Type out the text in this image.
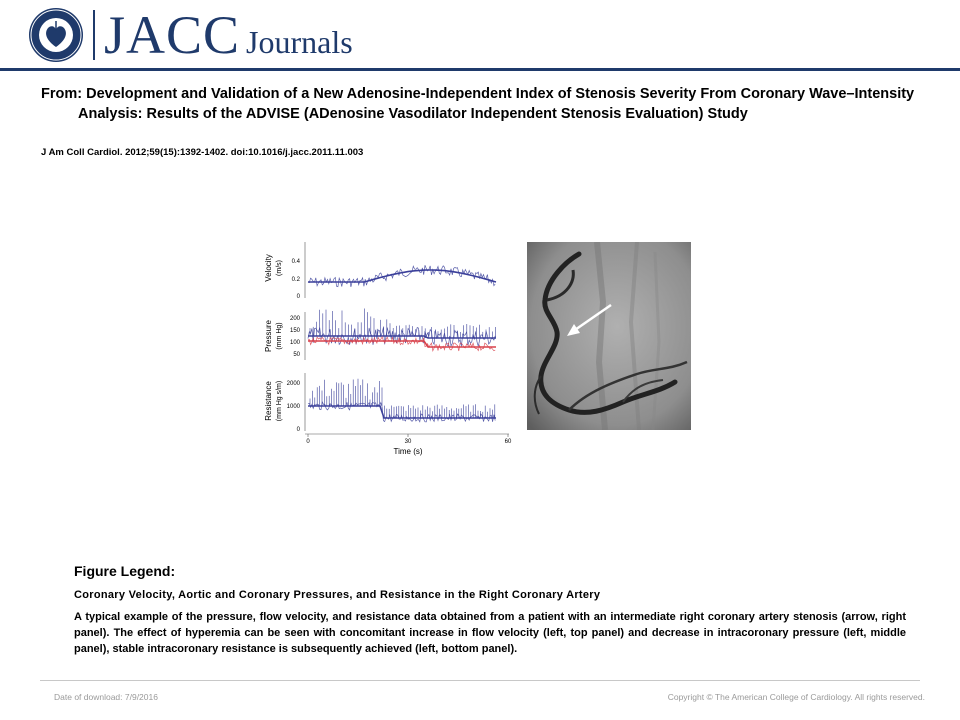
JACC Journals
From: Development and Validation of a New Adenosine-Independent Index of Stenosis Severity From Coronary Wave–Intensity Analysis: Results of the ADVISE (ADenosine Vasodilator Independent Stenosis Evaluation) Study
J Am Coll Cardiol. 2012;59(15):1392-1402. doi:10.1016/j.jacc.2011.11.003
Velocity (m/s) 0.4
0.2
0
Pressure (mm Hg)
200
150
100
50
Resistance (mm Hg s/m) 2000
1000
0
0	30	60
Time (s)
Figure Legend:
Coronary Velocity, Aortic and Coronary Pressures, and Resistance in the Right Coronary Artery
A typical example of the pressure, flow velocity, and resistance data obtained from a patient with an intermediate right coronary artery stenosis (arrow, right panel). The effect of hyperemia can be seen with concomitant increase in flow velocity (left, top panel) and decrease in intracoronary pressure (left, middle panel), stable intracoronary resistance is subsequently achieved (left, bottom panel).
Date of download: 7/9/2016	Copyright © The American College of Cardiology. All rights reserved.
